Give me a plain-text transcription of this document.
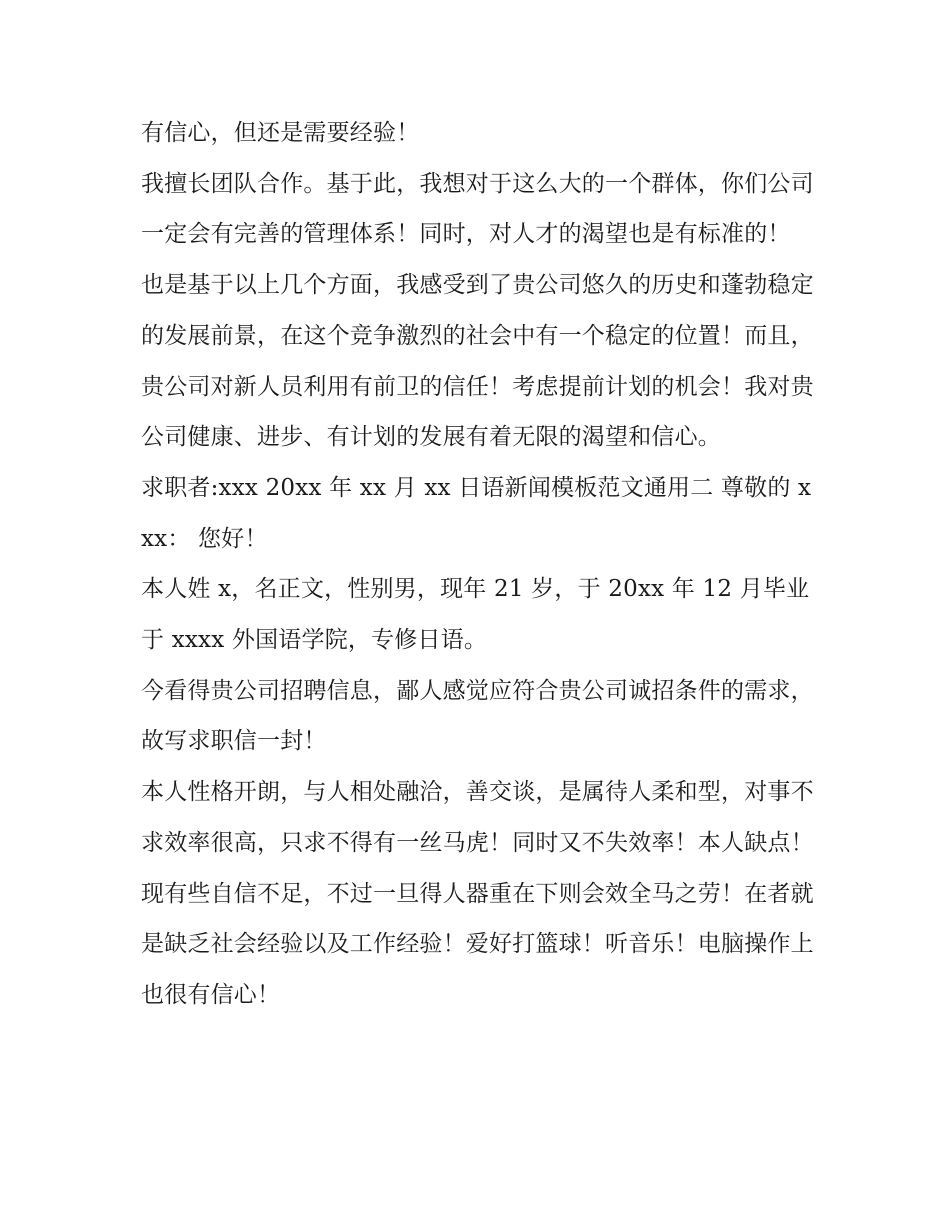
有信心，但还是需要经验！

我擅长团队合作。基于此，我想对于这么大的一个群体，你们公司一定会有完善的管理体系！同时，对人才的渴望也是有标准的！

也是基于以上几个方面，我感受到了贵公司悠久的历史和蓬勃稳定的发展前景，在这个竞争激烈的社会中有一个稳定的位置！而且，贵公司对新人员利用有前卫的信任！考虑提前计划的机会！我对贵公司健康、进步、有计划的发展有着无限的渴望和信心。

求职者:xxx 20xx 年 xx 月 xx 日语新闻模板范文通用二 尊敬的 xxx： 您好！

本人姓 x，名正文，性别男，现年 21 岁，于 20xx 年 12 月毕业于 xxxx 外国语学院，专修日语。

今看得贵公司招聘信息，鄙人感觉应符合贵公司诚招条件的需求，故写求职信一封！

本人性格开朗，与人相处融洽，善交谈，是属待人柔和型，对事不求效率很高，只求不得有一丝马虎！同时又不失效率！本人缺点！现有些自信不足，不过一旦得人器重在下则会效全马之劳！在者就是缺乏社会经验以及工作经验！爱好打篮球！听音乐！电脑操作上也很有信心！
